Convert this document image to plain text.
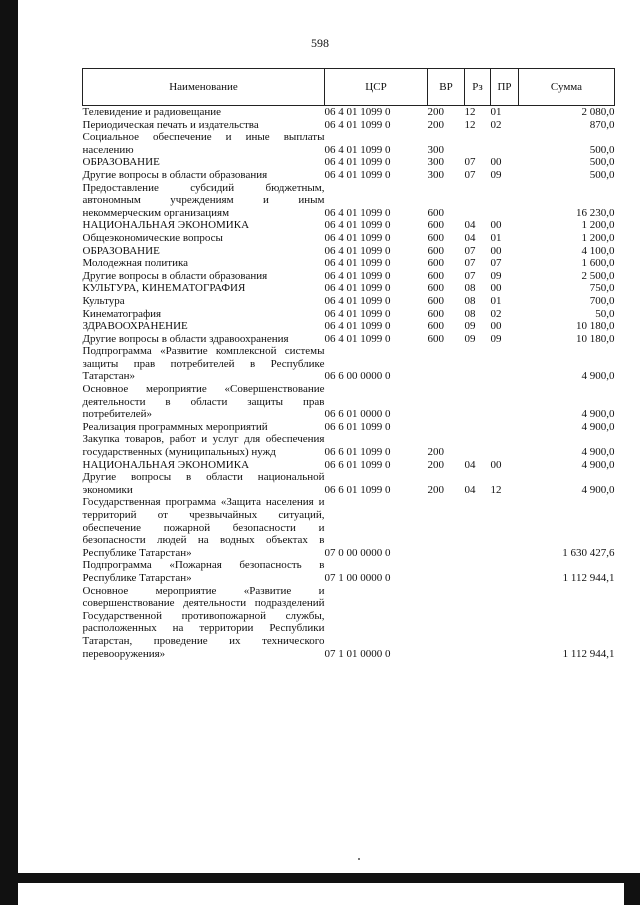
598
Наименование	ЦСР	ВР	Рз	ПР	Сумма
Телевидение и радиовещание	06 4 01 1099 0	200	12	01	2 080,0
Периодическая печать и издательства	06 4 01 1099 0	200	12	02	870,0
Социальное обеспечение и иные выплаты населению	06 4 01 1099 0	300			500,0
ОБРАЗОВАНИЕ	06 4 01 1099 0	300	07	00	500,0
Другие вопросы в области образования	06 4 01 1099 0	300	07	09	500,0
Предоставление субсидий бюджетным, автономным учреждениям и иным некоммерческим организациям	06 4 01 1099 0	600			16 230,0
НАЦИОНАЛЬНАЯ ЭКОНОМИКА	06 4 01 1099 0	600	04	00	1 200,0
Общеэкономические вопросы	06 4 01 1099 0	600	04	01	1 200,0
ОБРАЗОВАНИЕ	06 4 01 1099 0	600	07	00	4 100,0
Молодежная политика	06 4 01 1099 0	600	07	07	1 600,0
Другие вопросы в области образования	06 4 01 1099 0	600	07	09	2 500,0
КУЛЬТУРА, КИНЕМАТОГРАФИЯ	06 4 01 1099 0	600	08	00	750,0
Культура	06 4 01 1099 0	600	08	01	700,0
Кинематография	06 4 01 1099 0	600	08	02	50,0
ЗДРАВООХРАНЕНИЕ	06 4 01 1099 0	600	09	00	10 180,0
Другие вопросы в области здравоохранения	06 4 01 1099 0	600	09	09	10 180,0
Подпрограмма «Развитие комплексной системы защиты прав потребителей в Республике Татарстан»	06 6 00 0000 0				4 900,0
Основное мероприятие «Совершенствование деятельности в области защиты прав потребителей»	06 6 01 0000 0				4 900,0
Реализация программных мероприятий	06 6 01 1099 0				4 900,0
Закупка товаров, работ и услуг для обеспечения государственных (муниципальных) нужд	06 6 01 1099 0	200			4 900,0
НАЦИОНАЛЬНАЯ ЭКОНОМИКА	06 6 01 1099 0	200	04	00	4 900,0
Другие вопросы в области национальной экономики	06 6 01 1099 0	200	04	12	4 900,0
Государственная программа «Защита населения и территорий от чрезвычайных ситуаций, обеспечение пожарной безопасности и безопасности людей на водных объектах в Республике Татарстан»	07 0 00 0000 0				1 630 427,6
Подпрограмма «Пожарная безопасность в Республике Татарстан»	07 1 00 0000 0				1 112 944,1
Основное мероприятие «Развитие и совершенствование деятельности подразделений Государственной противопожарной службы, расположенных на территории Республики Татарстан, проведение их технического перевооружения»	07 1 01 0000 0				1 112 944,1
